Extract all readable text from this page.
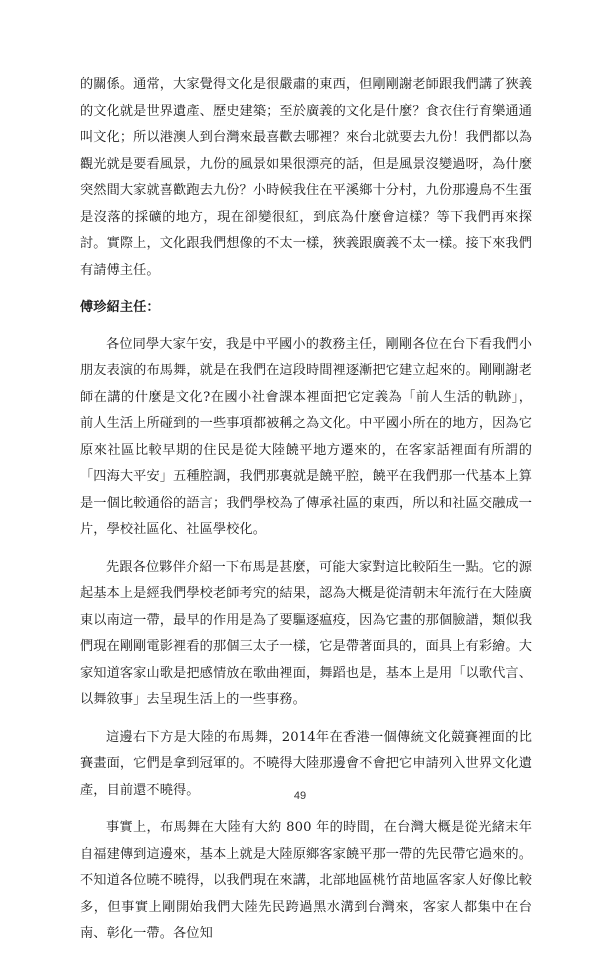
的關係。通常，大家覺得文化是很嚴肅的東西，但剛剛謝老師跟我們講了狹義的文化就是世界遺產、歷史建築；至於廣義的文化是什麼？食衣住行育樂通通叫文化；所以港澳人到台灣來最喜歡去哪裡？來台北就要去九份！我們都以為觀光就是要看風景，九份的風景如果很漂亮的話，但是風景沒變過呀，為什麼突然間大家就喜歡跑去九份？小時候我住在平溪鄉十分村，九份那邊鳥不生蛋是沒落的採礦的地方，現在卻變很紅，到底為什麼會這樣？等下我們再來探討。實際上，文化跟我們想像的不太一樣，狹義跟廣義不太一樣。接下來我們有請傅主任。

傅珍紹主任：

各位同學大家午安，我是中平國小的教務主任，剛剛各位在台下看我們小朋友表演的布馬舞，就是在我們在這段時間裡逐漸把它建立起來的。剛剛謝老師在講的什麼是文化?在國小社會課本裡面把它定義為「前人生活的軌跡」，前人生活上所碰到的一些事項都被稱之為文化。中平國小所在的地方，因為它原來社區比較早期的住民是從大陸饒平地方遷來的，在客家話裡面有所謂的「四海大平安」五種腔調，我們那裏就是饒平腔，饒平在我們那一代基本上算是一個比較通俗的語言；我們學校為了傳承社區的東西，所以和社區交融成一片，學校社區化、社區學校化。

先跟各位夥伴介紹一下布馬是甚麼，可能大家對這比較陌生一點。它的源起基本上是經我們學校老師考究的結果，認為大概是從清朝末年流行在大陸廣東以南這一帶，最早的作用是為了要驅逐瘟疫，因為它畫的那個臉譜，類似我們現在剛剛電影裡看的那個三太子一樣，它是帶著面具的，面具上有彩繪。大家知道客家山歌是把感情放在歌曲裡面，舞蹈也是，基本上是用「以歌代言、以舞敘事」去呈現生活上的一些事務。

這邊右下方是大陸的布馬舞，2014年在香港一個傳統文化競賽裡面的比賽畫面，它們是拿到冠軍的。不曉得大陸那邊會不會把它申請列入世界文化遺產，目前還不曉得。

事實上，布馬舞在大陸有大約 800 年的時間，在台灣大概是從光緒末年自福建傳到這邊來，基本上就是大陸原鄉客家饒平那一帶的先民帶它過來的。不知道各位曉不曉得，以我們現在來講，北部地區桃竹苗地區客家人好像比較多，但事實上剛開始我們大陸先民跨過黑水溝到台灣來，客家人都集中在台南、彰化一帶。各位知

49
